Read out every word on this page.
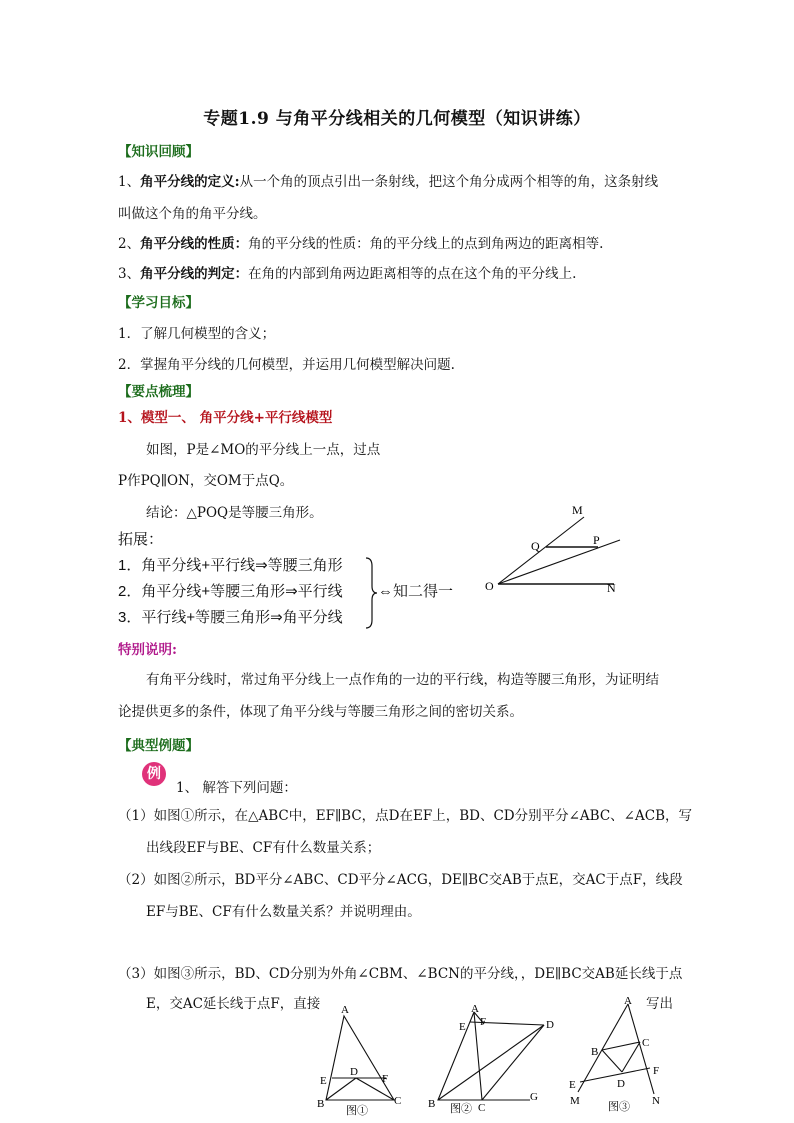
专题1.9 与角平分线相关的几何模型（知识讲练）
【知识回顾】
1、角平分线的定义:从一个角的顶点引出一条射线，把这个角分成两个相等的角，这条射线
叫做这个角的角平分线。
2、角平分线的性质：角的平分线的性质：角的平分线上的点到角两边的距离相等.
3、角平分线的判定：在角的内部到角两边距离相等的点在这个角的平分线上.
【学习目标】
1．了解几何模型的含义；
2．掌握角平分线的几何模型，并运用几何模型解决问题.
【要点梳理】
1、模型一、 角平分线+平行线模型
如图，P是∠MO的平分线上一点，过点
P作PQ∥ON，交OM于点Q。
结论：△POQ是等腰三角形。
拓展：
1．角平分线+平行线⇒等腰三角形
2．角平分线+等腰三角形⇒平行线
3．平行线+等腰三角形⇒角平分线
⇔知二得一
M
P
Q
O	N
特别说明:
有角平分线时，常过角平分线上一点作角的一边的平行线，构造等腰三角形，为证明结
论提供更多的条件，体现了角平分线与等腰三角形之间的密切关系。
【典型例题】
例
1、 解答下列问题：
（1）如图①所示，在△ABC中，EF∥BC，点D在EF上，BD、CD分别平分∠ABC、∠ACB，写
出线段EF与BE、CF有什么数量关系；
（2）如图②所示，BD平分∠ABC、CD平分∠ACG，DE∥BC交AB于点E，交AC于点F，线段
EF与BE、CF有什么数量关系？并说明理由。
（3）如图③所示，BD、CD分别为外角∠CBM、∠BCN的平分线，，DE∥BC交AB延长线于点
E，交AC延长线于点F，直接	写出
A
E
D
F
B	C
图①
A
E F	D
B	C
G
图②
A
B
C
E	D
F
M	N
图③
